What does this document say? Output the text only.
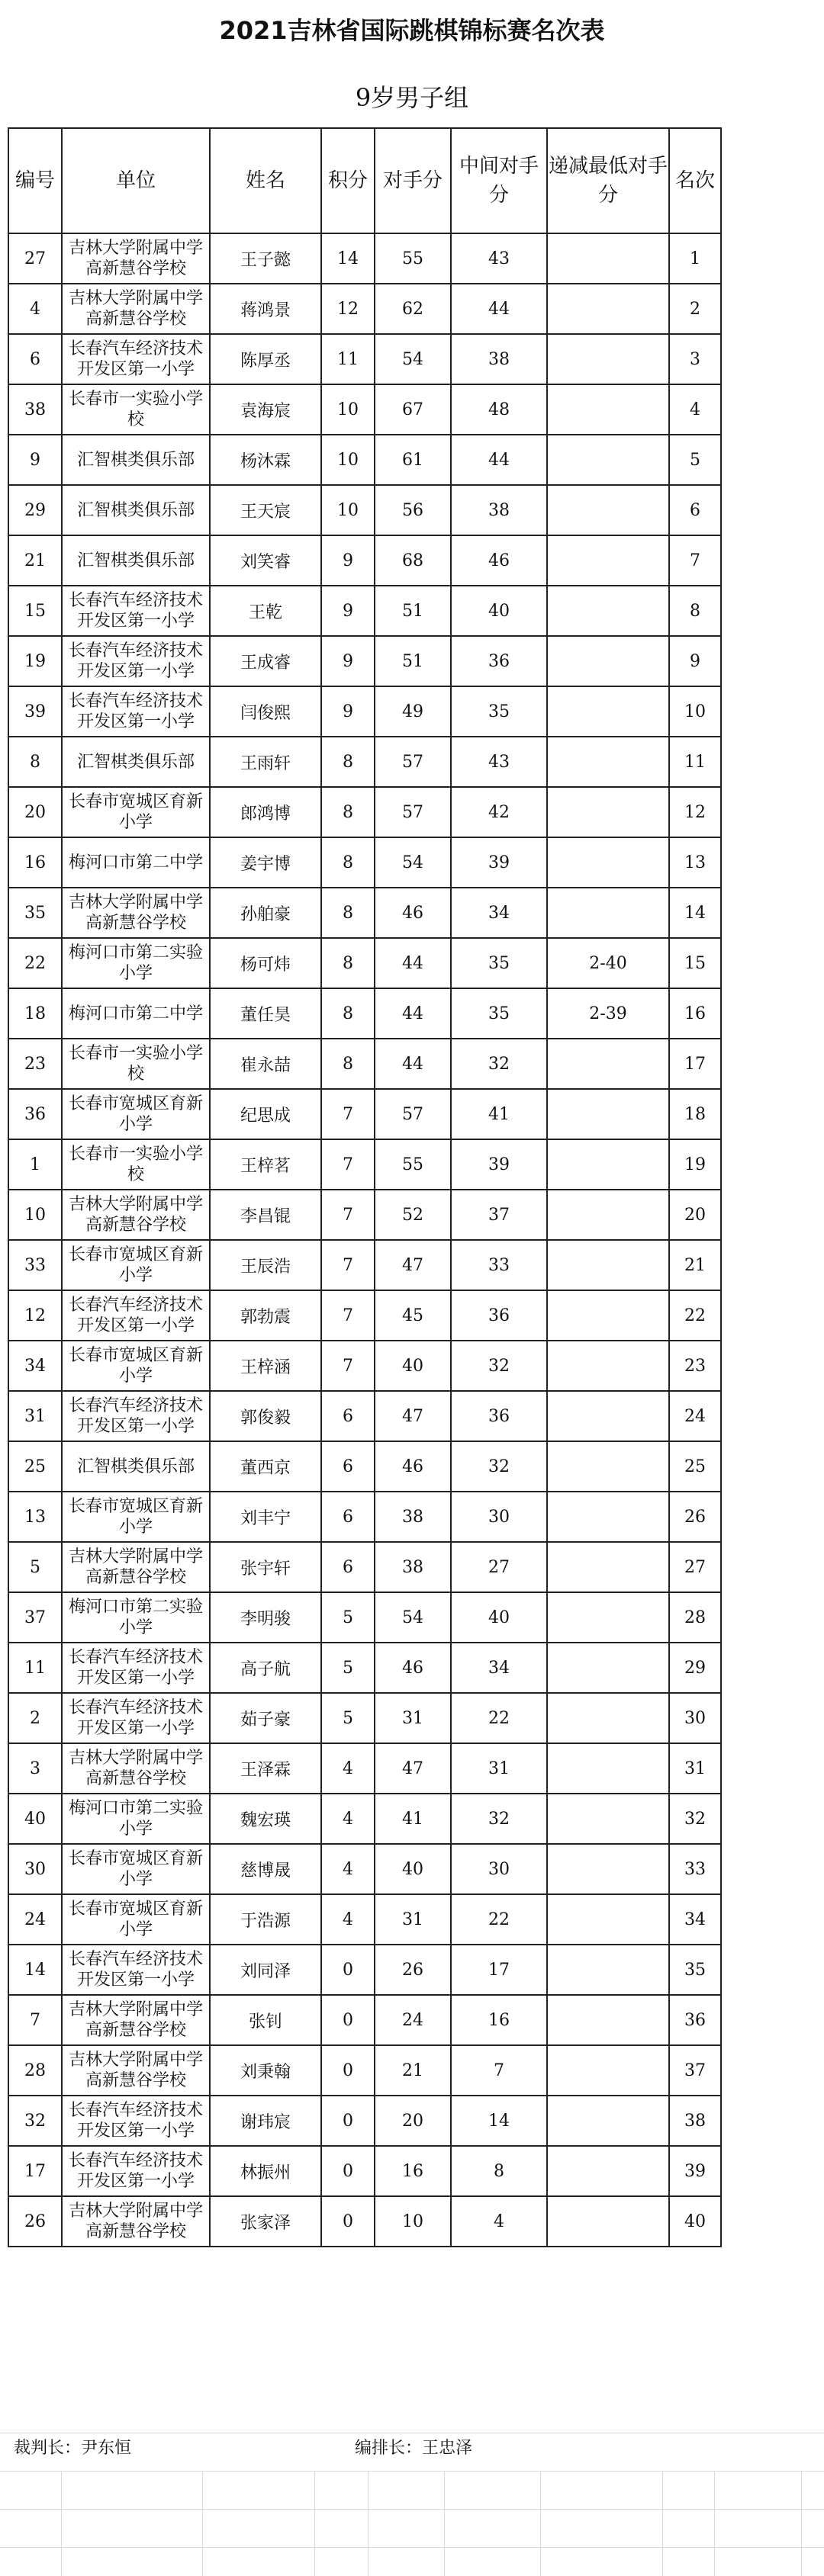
2021吉林省国际跳棋锦标赛名次表
9岁男子组
编号	单位	姓名	积分	对手分	中间对手分	递减最低对手分	名次	
27	吉林大学附属中学高新慧谷学校	王子懿	14	55	43		1	
4	吉林大学附属中学高新慧谷学校	蒋鸿景	12	62	44		2	
6	长春汽车经济技术开发区第一小学	陈厚丞	11	54	38		3	
38	长春市一实验小学校	袁海宸	10	67	48		4	
9	汇智棋类俱乐部	杨沐霖	10	61	44		5	
29	汇智棋类俱乐部	王天宸	10	56	38		6	
21	汇智棋类俱乐部	刘笑睿	9	68	46		7	
15	长春汽车经济技术开发区第一小学	王乾	9	51	40		8	
19	长春汽车经济技术开发区第一小学	王成睿	9	51	36		9	
39	长春汽车经济技术开发区第一小学	闫俊熙	9	49	35		10	
8	汇智棋类俱乐部	王雨轩	8	57	43		11	
20	长春市宽城区育新小学	郎鸿博	8	57	42		12	
16	梅河口市第二中学	姜宇博	8	54	39		13	
35	吉林大学附属中学高新慧谷学校	孙舶豪	8	46	34		14	
22	梅河口市第二实验小学	杨可炜	8	44	35	2-40	15	
18	梅河口市第二中学	董任昊	8	44	35	2-39	16	
23	长春市一实验小学校	崔永喆	8	44	32		17	
36	长春市宽城区育新小学	纪思成	7	57	41		18	
1	长春市一实验小学校	王梓茗	7	55	39		19	
10	吉林大学附属中学高新慧谷学校	李昌锟	7	52	37		20	
33	长春市宽城区育新小学	王辰浩	7	47	33		21	
12	长春汽车经济技术开发区第一小学	郭勃震	7	45	36		22	
34	长春市宽城区育新小学	王梓涵	7	40	32		23	
31	长春汽车经济技术开发区第一小学	郭俊毅	6	47	36		24	
25	汇智棋类俱乐部	董西京	6	46	32		25	
13	长春市宽城区育新小学	刘丰宁	6	38	30		26	
5	吉林大学附属中学高新慧谷学校	张宇轩	6	38	27		27	
37	梅河口市第二实验小学	李明骏	5	54	40		28	
11	长春汽车经济技术开发区第一小学	高子航	5	46	34		29	
2	长春汽车经济技术开发区第一小学	茹子豪	5	31	22		30	
3	吉林大学附属中学高新慧谷学校	王泽霖	4	47	31		31	
40	梅河口市第二实验小学	魏宏瑛	4	41	32		32	
30	长春市宽城区育新小学	慈博晟	4	40	30		33	
24	长春市宽城区育新小学	于浩源	4	31	22		34	
14	长春汽车经济技术开发区第一小学	刘同泽	0	26	17		35	
7	吉林大学附属中学高新慧谷学校	张钊	0	24	16		36	
28	吉林大学附属中学高新慧谷学校	刘秉翰	0	21	7		37	
32	长春汽车经济技术开发区第一小学	谢玮宸	0	20	14		38	
17	长春汽车经济技术开发区第一小学	林振州	0	16	8		39	
26	吉林大学附属中学高新慧谷学校	张家泽	0	10	4		40	
裁判长：尹东恒	编排长：王忠泽
